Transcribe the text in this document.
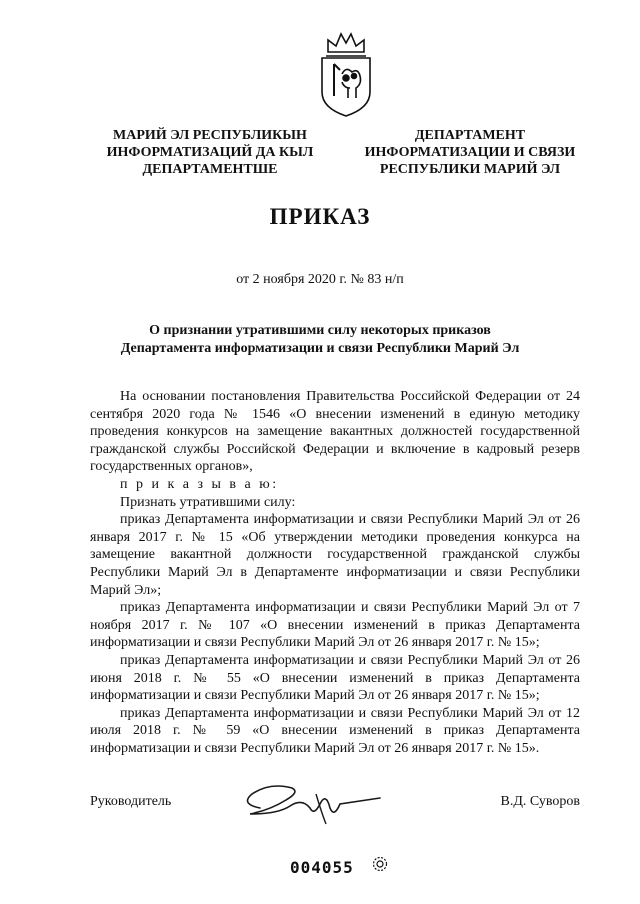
МАРИЙ ЭЛ РЕСПУБЛИКЫН
ИНФОРМАТИЗАЦИЙ ДА КЫЛ
ДЕПАРТАМЕНТШЕ
ДЕПАРТАМЕНТ
ИНФОРМАТИЗАЦИИ И СВЯЗИ
РЕСПУБЛИКИ МАРИЙ ЭЛ
ПРИКАЗ
от 2 ноября 2020 г. № 83 н/п
О признании утратившими силу некоторых приказов
Департамента информатизации и связи Республики Марий Эл

На основании постановления Правительства Российской Федерации от 24 сентября 2020 года № 1546 «О внесении изменений в единую методику проведения конкурсов на замещение вакантных должностей государственной гражданской службы Российской Федерации и включение в кадровый резерв государственных органов»,

п р и к а з ы в а ю:

Признать утратившими силу:

приказ Департамента информатизации и связи Республики Марий Эл от 26 января 2017 г. № 15 «Об утверждении методики проведения конкурса на замещение вакантной должности государственной гражданской службы Республики Марий Эл в Департаменте информатизации и связи Республики Марий Эл»;

приказ Департамента информатизации и связи Республики Марий Эл от 7 ноября 2017 г. № 107 «О внесении изменений в приказ Департамента информатизации и связи Республики Марий Эл от 26 января 2017 г. № 15»;

приказ Департамента информатизации и связи Республики Марий Эл от 26 июня 2018 г. № 55 «О внесении изменений в приказ Департамента информатизации и связи Республики Марий Эл от 26 января 2017 г. № 15»;

приказ Департамента информатизации и связи Республики Марий Эл от 12 июля 2018 г. № 59 «О внесении изменений в приказ Департамента информатизации и связи Республики Марий Эл от 26 января 2017 г. № 15».

Руководитель	В.Д. Суворов
004055
